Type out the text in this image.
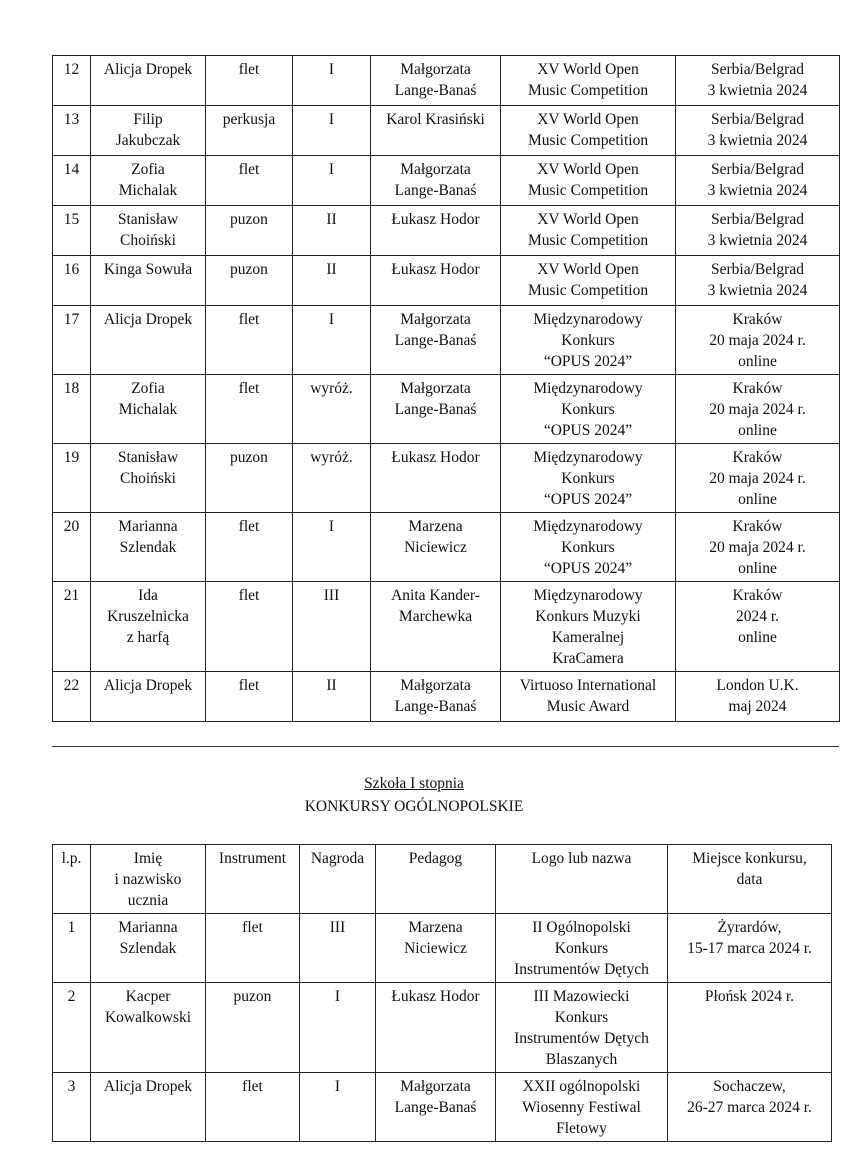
12	Alicja Dropek	flet	I	Małgorzata
Lange-Banaś	XV World Open
Music Competition	Serbia/Belgrad
3 kwietnia 2024

13	Filip
Jakubczak	perkusja	I	Karol Krasiński	XV World Open
Music Competition	Serbia/Belgrad
3 kwietnia 2024

14	Zofia
Michalak	flet	I	Małgorzata
Lange-Banaś	XV World Open
Music Competition	Serbia/Belgrad
3 kwietnia 2024

15	Stanisław
Choiński	puzon	II	Łukasz Hodor	XV World Open
Music Competition	Serbia/Belgrad
3 kwietnia 2024

16	Kinga Sowuła	puzon	II	Łukasz Hodor	XV World Open
Music Competition	Serbia/Belgrad
3 kwietnia 2024

17	Alicja Dropek	flet	I	Małgorzata
Lange-Banaś	Międzynarodowy
Konkurs
“OPUS 2024”	Kraków
20 maja 2024 r.
online

18	Zofia
Michalak	flet	wyróż.	Małgorzata
Lange-Banaś	Międzynarodowy
Konkurs
“OPUS 2024”	Kraków
20 maja 2024 r.
online

19	Stanisław
Choiński	puzon	wyróż.	Łukasz Hodor	Międzynarodowy
Konkurs
“OPUS 2024”	Kraków
20 maja 2024 r.
online

20	Marianna
Szlendak	flet	I	Marzena
Niciewicz	Międzynarodowy
Konkurs
“OPUS 2024”	Kraków
20 maja 2024 r.
online

21	Ida
Kruszelnicka
z harfą	flet	III	Anita Kander-
Marchewka	Międzynarodowy
Konkurs Muzyki
Kameralnej
KraCamera	Kraków
2024 r.
online

22	Alicja Dropek	flet	II	Małgorzata
Lange-Banaś	Virtuoso International
Music Award	London U.K.
maj 2024
Szkoła I stopnia
KONKURSY OGÓLNOPOLSKIE
l.p.	Imię
i nazwisko
ucznia	Instrument	Nagroda	Pedagog	Logo lub nazwa	Miejsce konkursu,
data

1	Marianna
Szlendak	flet	III	Marzena
Niciewicz	II Ogólnopolski
Konkurs
Instrumentów Dętych	Żyrardów,
15-17 marca 2024 r.

2	Kacper
Kowalkowski	puzon	I	Łukasz Hodor	III Mazowiecki
Konkurs
Instrumentów Dętych
Blaszanych	Płońsk 2024 r.

3	Alicja Dropek	flet	I	Małgorzata
Lange-Banaś	XXII ogólnopolski
Wiosenny Festiwal
Fletowy	Sochaczew,
26-27 marca 2024 r.
